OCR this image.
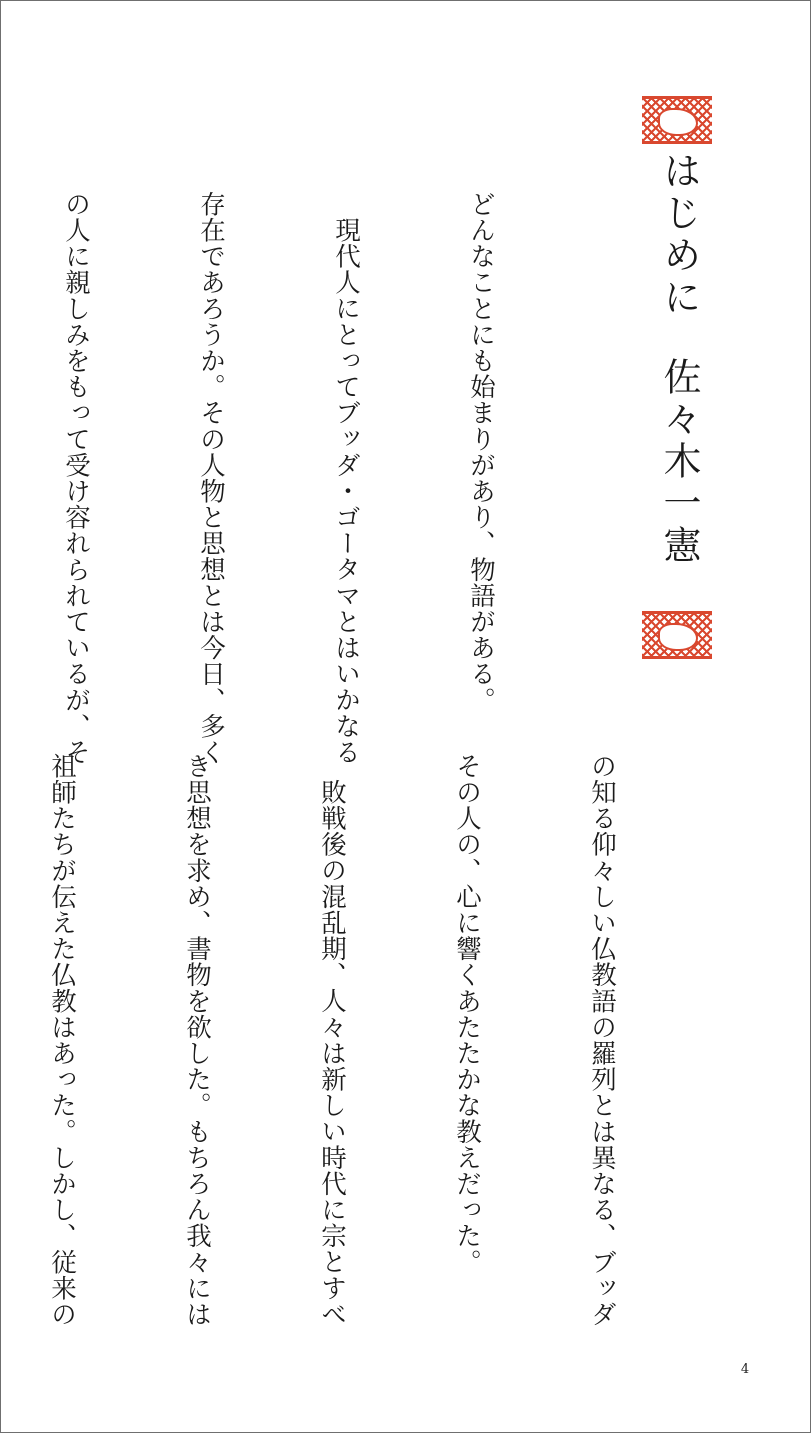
はじめに 佐々木一憲

どんなことにも始まりがあり、物語がある。

現代人にとってブッダ・ゴータマとはいかなる

存在であろうか。その人物と思想とは今日、多く

の人に親しみをもって受け容れられているが、そ

の知る仰々しい仏教語の羅列とは異なる、ブッダ

その人の、心に響くあたたかな教えだった。

敗戦後の混乱期、人々は新しい時代に宗とすべ

き思想を求め、書物を欲した。もちろん我々には

祖師たちが伝えた仏教はあった。しかし、従来の

4
